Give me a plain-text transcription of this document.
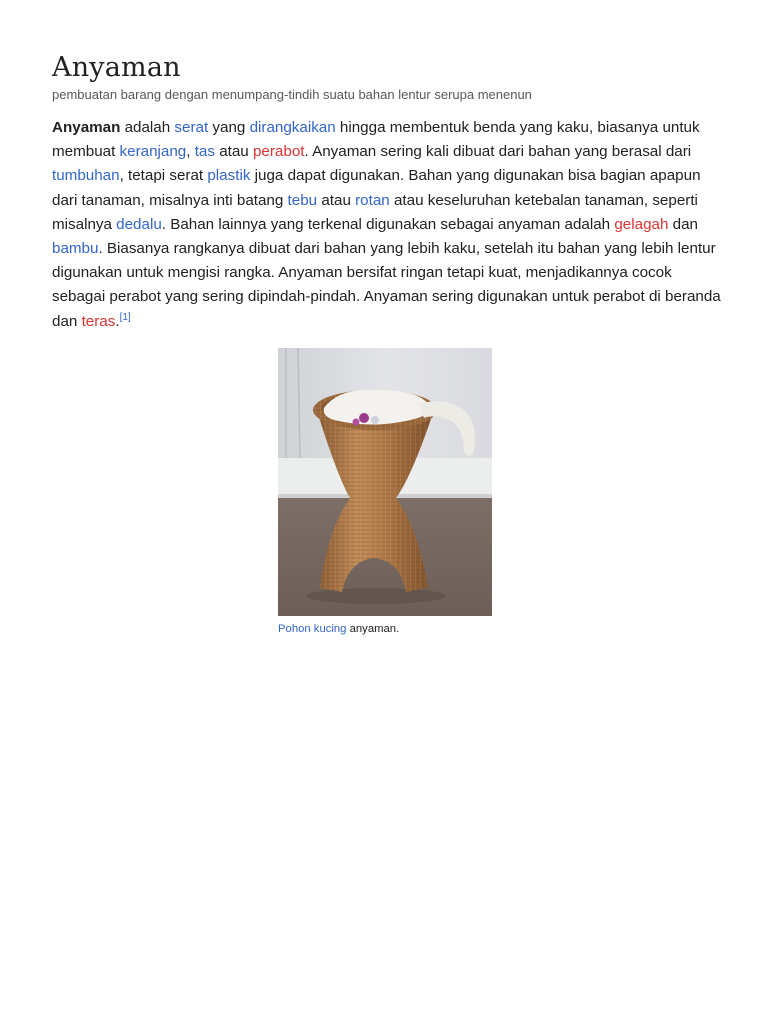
Anyaman
pembuatan barang dengan menumpang-tindih suatu bahan lentur serupa menenun

Anyaman adalah serat yang dirangkaikan hingga membentuk benda yang kaku, biasanya untuk membuat keranjang, tas atau perabot. Anyaman sering kali dibuat dari bahan yang berasal dari tumbuhan, tetapi serat plastik juga dapat digunakan. Bahan yang digunakan bisa bagian apapun dari tanaman, misalnya inti batang tebu atau rotan atau keseluruhan ketebalan tanaman, seperti misalnya dedalu. Bahan lainnya yang terkenal digunakan sebagai anyaman adalah gelagah dan bambu. Biasanya rangkanya dibuat dari bahan yang lebih kaku, setelah itu bahan yang lebih lentur digunakan untuk mengisi rangka. Anyaman bersifat ringan tetapi kuat, menjadikannya cocok sebagai perabot yang sering dipindah-pindah. Anyaman sering digunakan untuk perabot di beranda dan teras.[1]

Pohon kucing anyaman.
